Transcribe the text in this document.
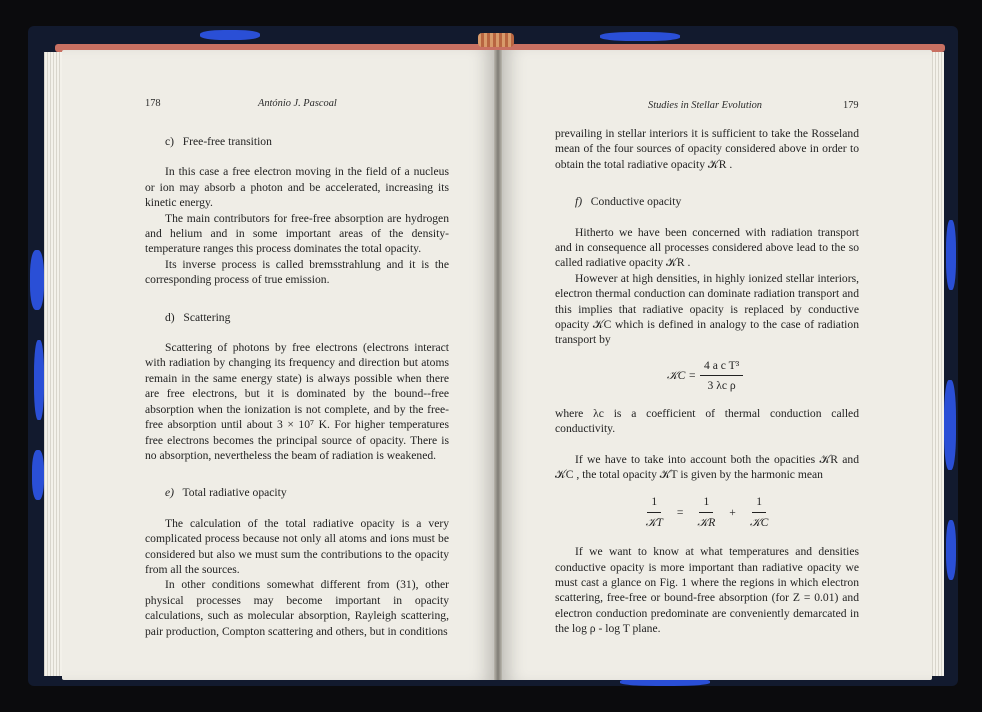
178	António J. Pascoal

c) Free-free transition

In this case a free electron moving in the field of a nucleus or ion may absorb a photon and be accelerated, increasing its kinetic energy.

The main contributors for free-free absorption are hydrogen and helium and in some important areas of the density-temperature ranges this process dominates the total opacity.

Its inverse process is called bremsstrahlung and it is the corresponding process of true emission.

d) Scattering

Scattering of photons by free electrons (electrons interact with radiation by changing its frequency and direction but atoms remain in the same energy state) is always possible when there are free electrons, but it is dominated by the bound--free absorption when the ionization is not complete, and by the free-free absorption until about 3 × 10⁷ K. For higher temperatures free electrons becomes the principal source of opacity. There is no absorption, nevertheless the beam of radiation is weakened.

e) Total radiative opacity

The calculation of the total radiative opacity is a very complicated process because not only all atoms and ions must be considered but also we must sum the contributions to the opacity from all the sources.

In other conditions somewhat different from (31), other physical processes may become important in opacity calculations, such as molecular absorption, Rayleigh scattering, pair production, Compton scattering and others, but in conditions

Studies in Stellar Evolution	179

prevailing in stellar interiors it is sufficient to take the Rosseland mean of the four sources of opacity considered above in order to obtain the total radiative opacity 𝒦R .

f) Conductive opacity

Hitherto we have been concerned with radiation transport and in consequence all processes considered above lead to the so called radiative opacity 𝒦R .

However at high densities, in highly ionized stellar interiors, electron thermal conduction can dominate radiation transport and this implies that radiative opacity is replaced by conductive opacity 𝒦C which is defined in analogy to the case of radiation transport by

𝒦C = $\frac{\text{4 a c T³}}{\text{3 λc ρ}}$

where λc is a coefficient of thermal conduction called conductivity.

If we have to take into account both the opacities 𝒦R and 𝒦C , the total opacity 𝒦T is given by the harmonic mean

$\frac{1}{\text{𝒦T}} = \frac{1}{\text{𝒦R}} + \frac{1}{\text{𝒦C}}$

If we want to know at what temperatures and densities conductive opacity is more important than radiative opacity we must cast a glance on Fig. 1 where the regions in which electron scattering, free-free or bound-free absorption (for Z = 0.01) and electron conduction predominate are conveniently demarcated in the log ρ - log T plane.
